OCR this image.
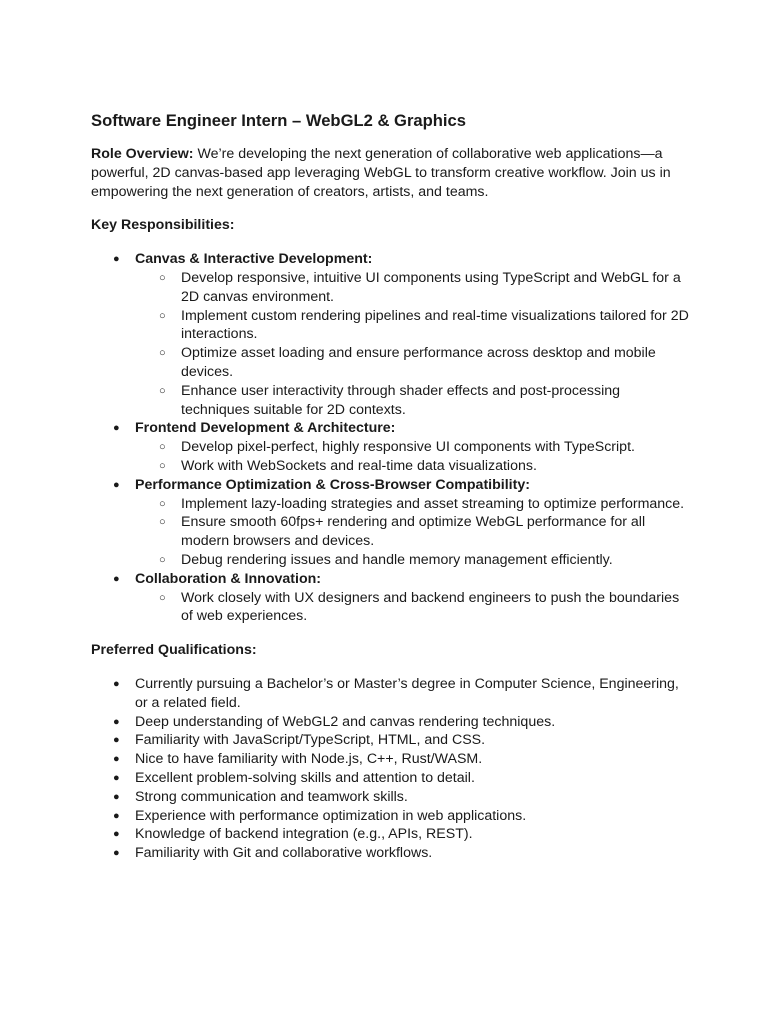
Software Engineer Intern – WebGL2 & Graphics
Role Overview: We’re developing the next generation of collaborative web applications—a powerful, 2D canvas-based app leveraging WebGL to transform creative workflow. Join us in empowering the next generation of creators, artists, and teams.
Key Responsibilities:
● Canvas & Interactive Development:
○ Develop responsive, intuitive UI components using TypeScript and WebGL for a 2D canvas environment.
○ Implement custom rendering pipelines and real-time visualizations tailored for 2D interactions.
○ Optimize asset loading and ensure performance across desktop and mobile devices.
○ Enhance user interactivity through shader effects and post-processing techniques suitable for 2D contexts.
● Frontend Development & Architecture:
○ Develop pixel-perfect, highly responsive UI components with TypeScript.
○ Work with WebSockets and real-time data visualizations.
● Performance Optimization & Cross-Browser Compatibility:
○ Implement lazy-loading strategies and asset streaming to optimize performance.
○ Ensure smooth 60fps+ rendering and optimize WebGL performance for all modern browsers and devices.
○ Debug rendering issues and handle memory management efficiently.
● Collaboration & Innovation:
○ Work closely with UX designers and backend engineers to push the boundaries of web experiences.
Preferred Qualifications:
● Currently pursuing a Bachelor’s or Master’s degree in Computer Science, Engineering, or a related field.
● Deep understanding of WebGL2 and canvas rendering techniques.
● Familiarity with JavaScript/TypeScript, HTML, and CSS.
● Nice to have familiarity with Node.js, C++, Rust/WASM.
● Excellent problem-solving skills and attention to detail.
● Strong communication and teamwork skills.
● Experience with performance optimization in web applications.
● Knowledge of backend integration (e.g., APIs, REST).
● Familiarity with Git and collaborative workflows.
